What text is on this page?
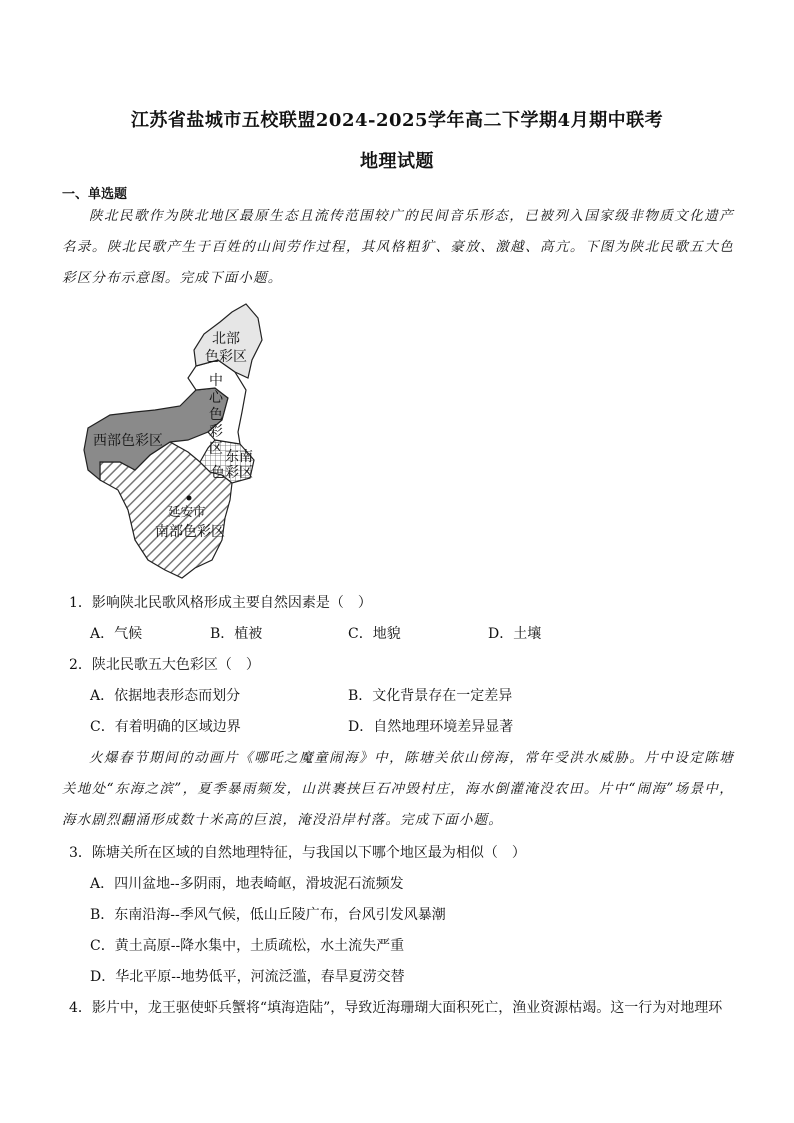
江苏省盐城市五校联盟2024-2025学年高二下学期4月期中联考
地理试题
一、单选题
陕北民歌作为陕北地区最原生态且流传范围较广的民间音乐形态，已被列入国家级非物质文化遗产名录。陕北民歌产生于百姓的山间劳作过程，其风格粗犷、豪放、激越、高亢。下图为陕北民歌五大色彩区分布示意图。完成下面小题。
北部
色彩区
中
心
色
彩
区
西部色彩区
东南
色彩区
延安市
南部色彩区
1．影响陕北民歌风格形成主要自然因素是（　）
A．气候	B．植被	C．地貌	D．土壤
2．陕北民歌五大色彩区（　）
A．依据地表形态而划分	B．文化背景存在一定差异
C．有着明确的区域边界	D．自然地理环境差异显著
火爆春节期间的动画片《哪吒之魔童闹海》中，陈塘关依山傍海，常年受洪水威胁。片中设定陈塘关地处“东海之滨”，夏季暴雨频发，山洪裹挟巨石冲毁村庄，海水倒灌淹没农田。片中“闹海”场景中，海水剧烈翻涌形成数十米高的巨浪，淹没沿岸村落。完成下面小题。
3．陈塘关所在区域的自然地理特征，与我国以下哪个地区最为相似（　）
A．四川盆地--多阴雨，地表崎岖，滑坡泥石流频发
B．东南沿海--季风气候，低山丘陵广布，台风引发风暴潮
C．黄土高原--降水集中，土质疏松，水土流失严重
D．华北平原--地势低平，河流泛滥，春旱夏涝交替
4．影片中，龙王驱使虾兵蟹将“填海造陆”，导致近海珊瑚大面积死亡，渔业资源枯竭。这一行为对地理环
